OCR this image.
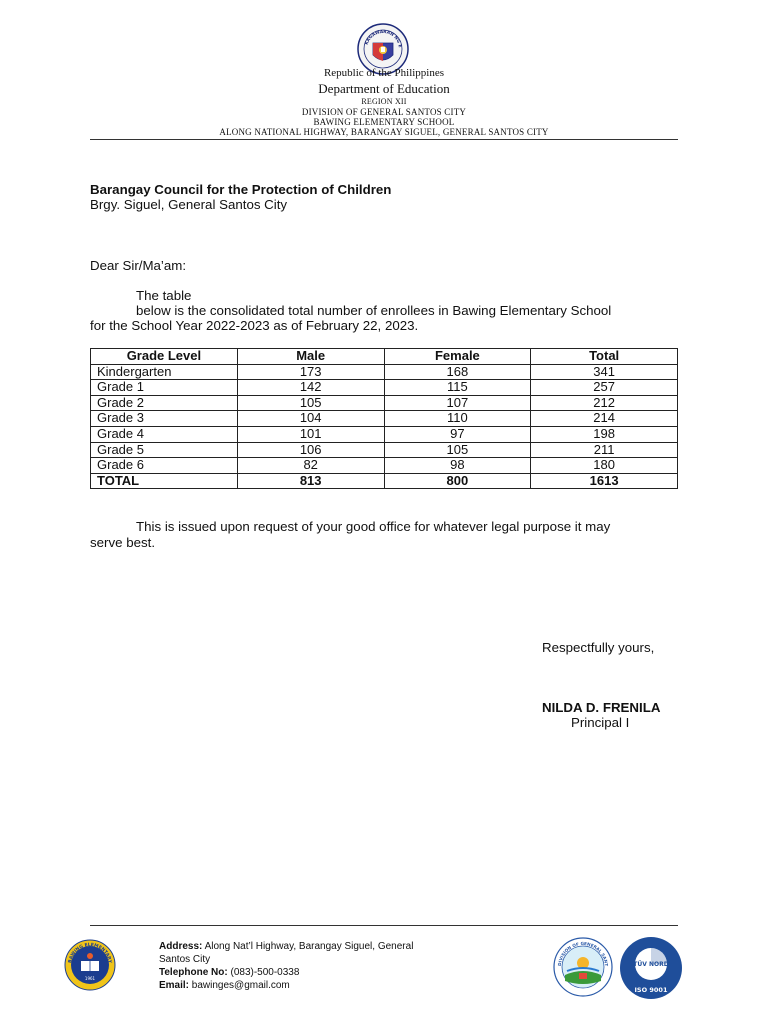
KAGAWARAN NG E
Republic of the Philippines
Department of Education
REGION XII
DIVISION OF GENERAL SANTOS CITY
BAWING ELEMENTARY SCHOOL
ALONG NATIONAL HIGHWAY, BARANGAY SIGUEL, GENERAL SANTOS CITY
Barangay Council for the Protection of Children
Brgy. Siguel, General Santos City
Dear Sir/Ma’am:
The table
below is the consolidated total number of enrollees in Bawing Elementary School
for the School Year 2022-2023 as of February 22, 2023.
Grade Level	Male	Female	Total
Kindergarten	173	168	341
Grade 1	142	115	257
Grade 2	105	107	212
Grade 3	104	110	214
Grade 4	101	97	198
Grade 5	106	105	211
Grade 6	82	98	180
TOTAL	813	800	1613
This is issued upon request of your good office for whatever legal purpose it may
serve best.
Respectfully yours,
NILDA D. FRENILA
Principal I
BAWING ELEMENTARY
1961
Address: Along Nat’l Highway, Barangay Siguel, General
Santos City
Telephone No: (083)-500-0338
Email: bawinges@gmail.com
DIVISION OF GENERAL SANT	TÜV NORD
ISO 9001
